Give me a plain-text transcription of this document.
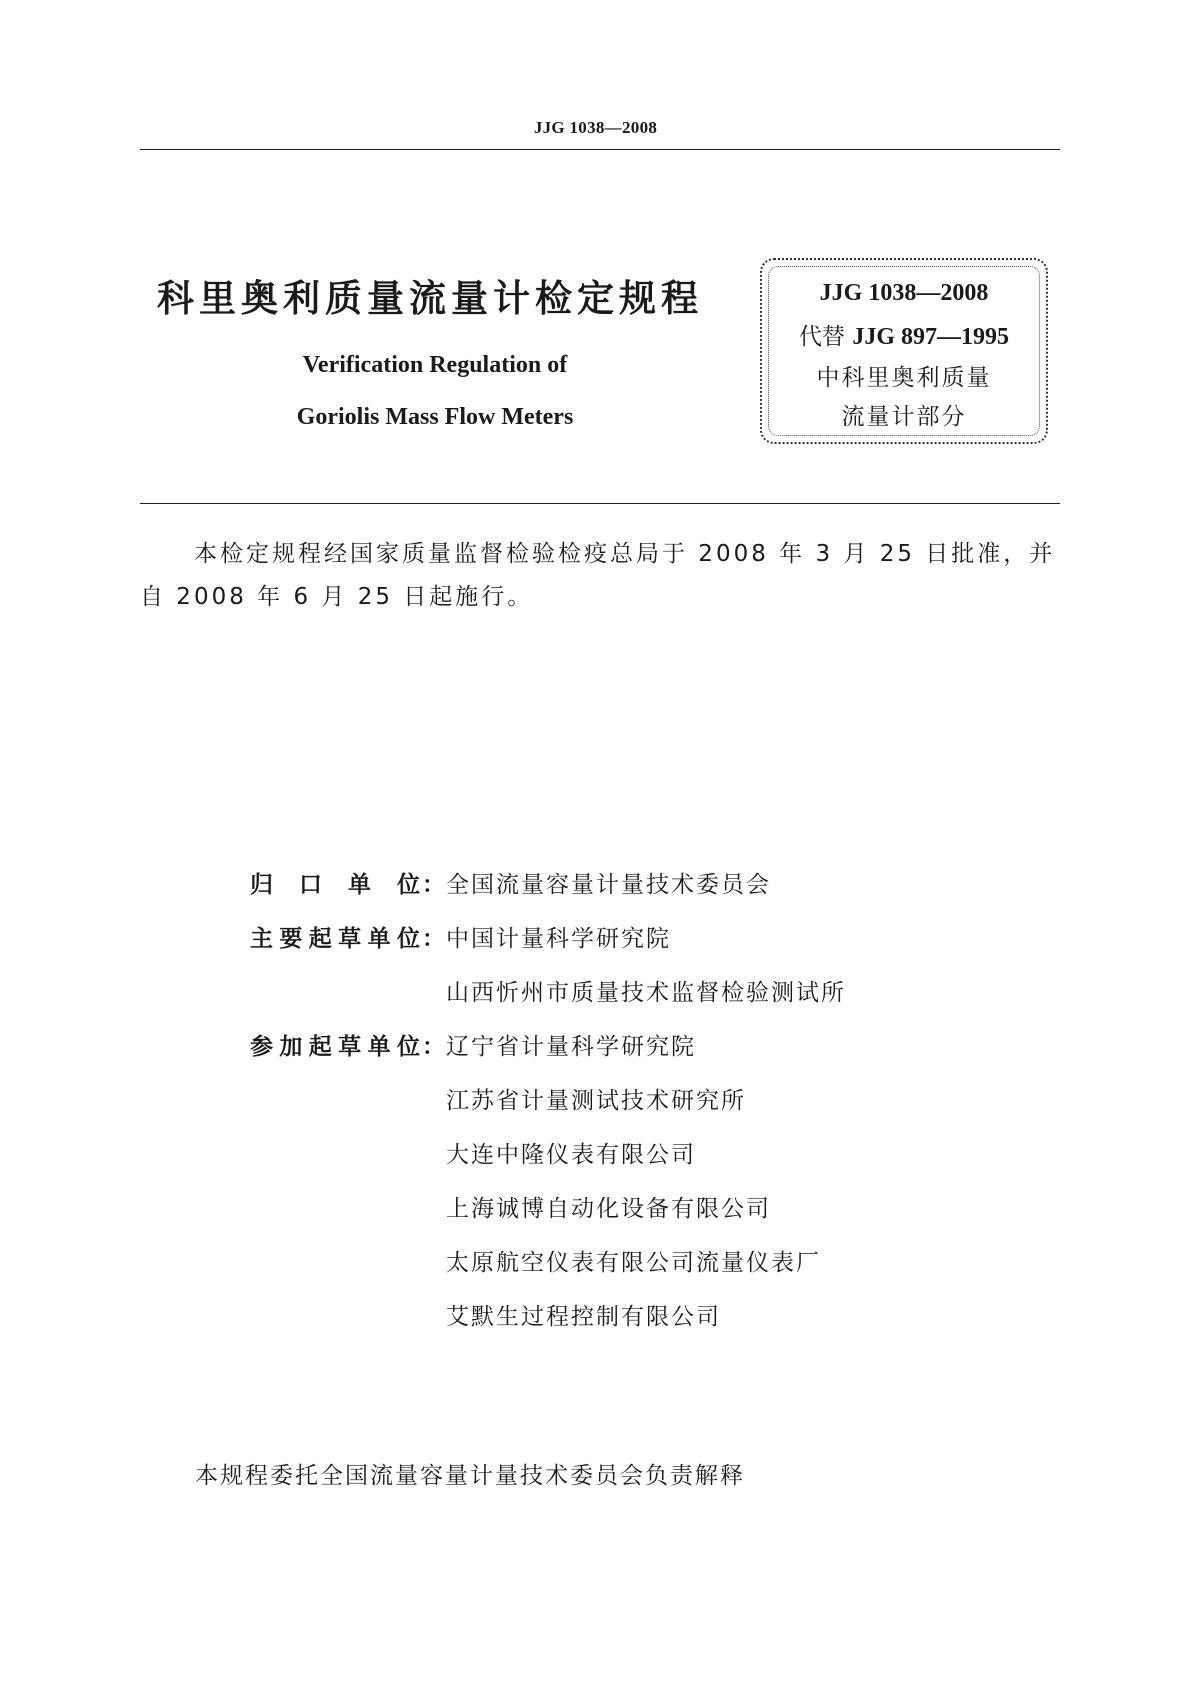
JJG 1038—2008
科里奥利质量流量计检定规程
Verification Regulation of
Goriolis Mass Flow Meters
JJG 1038—2008
代替 JJG 897—1995
中科里奥利质量
流量计部分
本检定规程经国家质量监督检验检疫总局于 2008 年 3 月 25 日批准，并自 2008 年 6 月 25 日起施行。
归 口 单 位 ： 全国流量容量计量技术委员会
主 要 起 草 单 位 ： 中国计量科学研究院
山西忻州市质量技术监督检验测试所
参 加 起 草 单 位 ： 辽宁省计量科学研究院
江苏省计量测试技术研究所
大连中隆仪表有限公司
上海诚博自动化设备有限公司
太原航空仪表有限公司流量仪表厂
艾默生过程控制有限公司
本规程委托全国流量容量计量技术委员会负责解释
